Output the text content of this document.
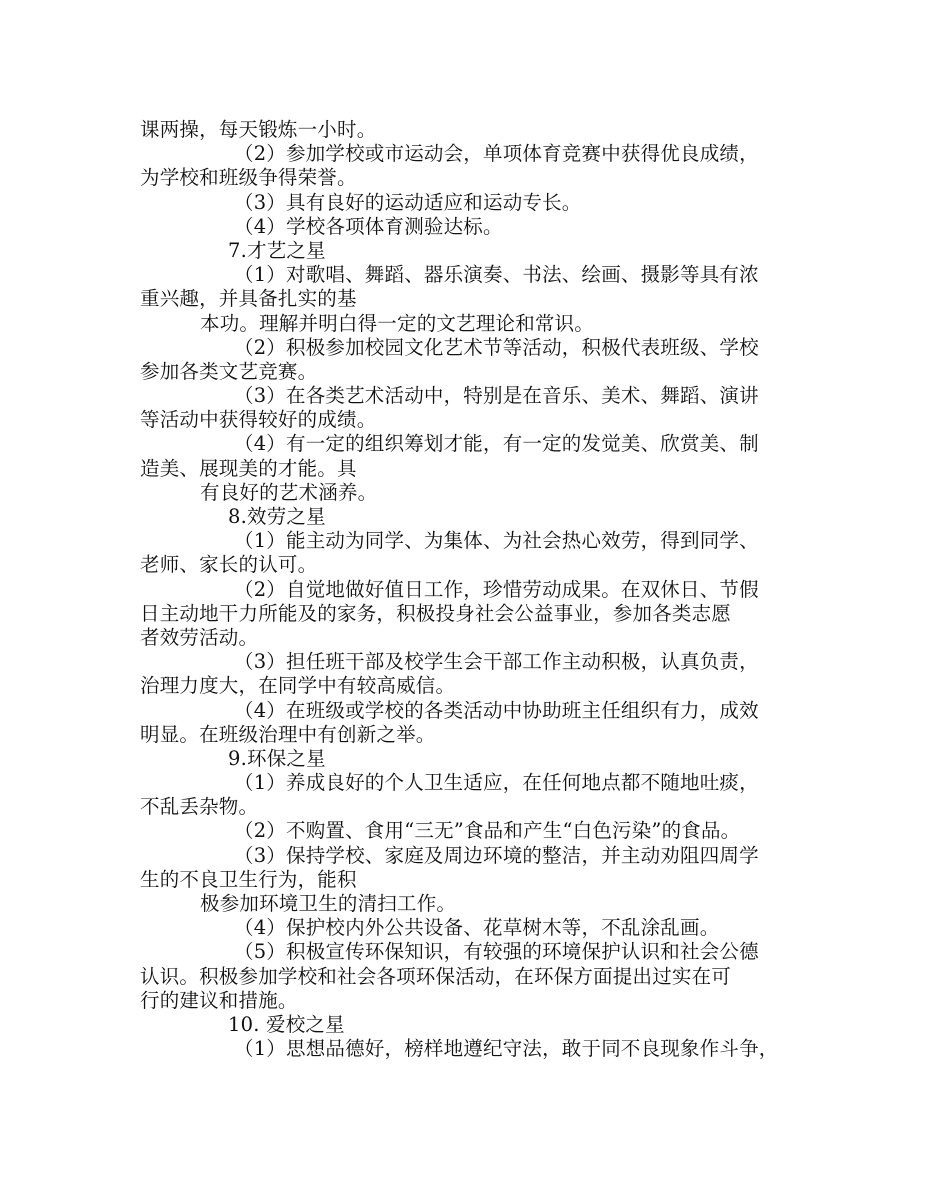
课两操，每天锻炼一小时。
（2）参加学校或市运动会，单项体育竞赛中获得优良成绩，
为学校和班级争得荣誉。
（3）具有良好的运动适应和运动专长。
（4）学校各项体育测验达标。
7.才艺之星
（1）对歌唱、舞蹈、器乐演奏、书法、绘画、摄影等具有浓
重兴趣，并具备扎实的基
本功。理解并明白得一定的文艺理论和常识。
（2）积极参加校园文化艺术节等活动，积极代表班级、学校
参加各类文艺竞赛。
（3）在各类艺术活动中，特别是在音乐、美术、舞蹈、演讲
等活动中获得较好的成绩。
（4）有一定的组织筹划才能，有一定的发觉美、欣赏美、制
造美、展现美的才能。具
有良好的艺术涵养。
8.效劳之星
（1）能主动为同学、为集体、为社会热心效劳，得到同学、
老师、家长的认可。
（2）自觉地做好值日工作，珍惜劳动成果。在双休日、节假
日主动地干力所能及的家务，积极投身社会公益事业，参加各类志愿
者效劳活动。
（3）担任班干部及校学生会干部工作主动积极，认真负责，
治理力度大，在同学中有较高威信。
（4）在班级或学校的各类活动中协助班主任组织有力，成效
明显。在班级治理中有创新之举。
9.环保之星
（1）养成良好的个人卫生适应，在任何地点都不随地吐痰，
不乱丢杂物。
（2）不购置、食用“三无”食品和产生“白色污染”的食品。
（3）保持学校、家庭及周边环境的整洁，并主动劝阻四周学
生的不良卫生行为，能积
极参加环境卫生的清扫工作。
（4）保护校内外公共设备、花草树木等，不乱涂乱画。
（5）积极宣传环保知识，有较强的环境保护认识和社会公德
认识。积极参加学校和社会各项环保活动，在环保方面提出过实在可
行的建议和措施。
10. 爱校之星
（1）思想品德好，榜样地遵纪守法，敢于同不良现象作斗争，
